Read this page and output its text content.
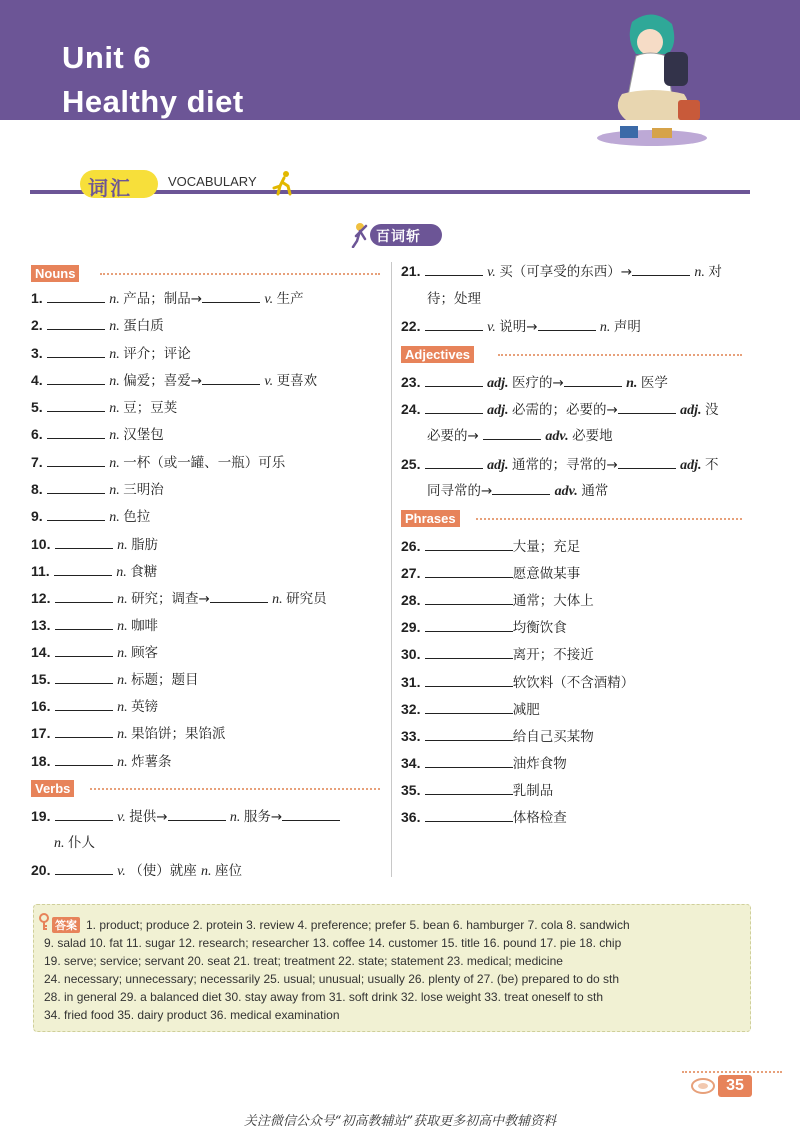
Unit 6
Healthy diet
词汇	VOCABULARY
百词斩
Nouns
1.	n. 产品；制品→	v. 生产
2.	n. 蛋白质
3.	n. 评介；评论
4.	n. 偏爱；喜爱→	v. 更喜欢
5.	n. 豆；豆荚
6.	n. 汉堡包
7.	n. 一杯（或一罐、一瓶）可乐
8.	n. 三明治
9.	n. 色拉
10.	n. 脂肪
11.	n. 食糖
12.	n. 研究；调查→	n. 研究员
13.	n. 咖啡
14.	n. 顾客
15.	n. 标题；题目
16.	n. 英镑
17.	n. 果馅饼；果馅派
18.	n. 炸薯条
Verbs
19.	v. 提供→	n. 服务→
n. 仆人
20.	v. （使）就座 n. 座位
21.	v. 买（可享受的东西）→	n. 对
待；处理
22.	v. 说明→	n. 声明
Adjectives
23.	adj. 医疗的→	n. 医学
24.	adj. 必需的；必要的→	adj. 没
必要的→	adv. 必要地
25.	adj. 通常的；寻常的→	adj. 不
同寻常的→	adv. 通常
Phrases
26.	大量；充足
27.	愿意做某事
28.	通常；大体上
29.	均衡饮食
30.	离开；不接近
31.	软饮料（不含酒精）
32.	减肥
33.	给自己买某物
34.	油炸食物
35.	乳制品
36.	体格检查
答案 1. product; produce 2. protein 3. review 4. preference; prefer 5. bean 6. hamburger 7. cola 8. sandwich
9. salad 10. fat 11. sugar 12. research; researcher 13. coffee 14. customer 15. title 16. pound 17. pie 18. chip
19. serve; service; servant 20. seat 21. treat; treatment 22. state; statement 23. medical; medicine
24. necessary; unnecessary; necessarily 25. usual; unusual; usually 26. plenty of 27. (be) prepared to do sth
28. in general 29. a balanced diet 30. stay away from 31. soft drink 32. lose weight 33. treat oneself to sth
34. fried food 35. dairy product 36. medical examination
35
关注微信公众号“初高教辅站”获取更多初高中教辅资料
